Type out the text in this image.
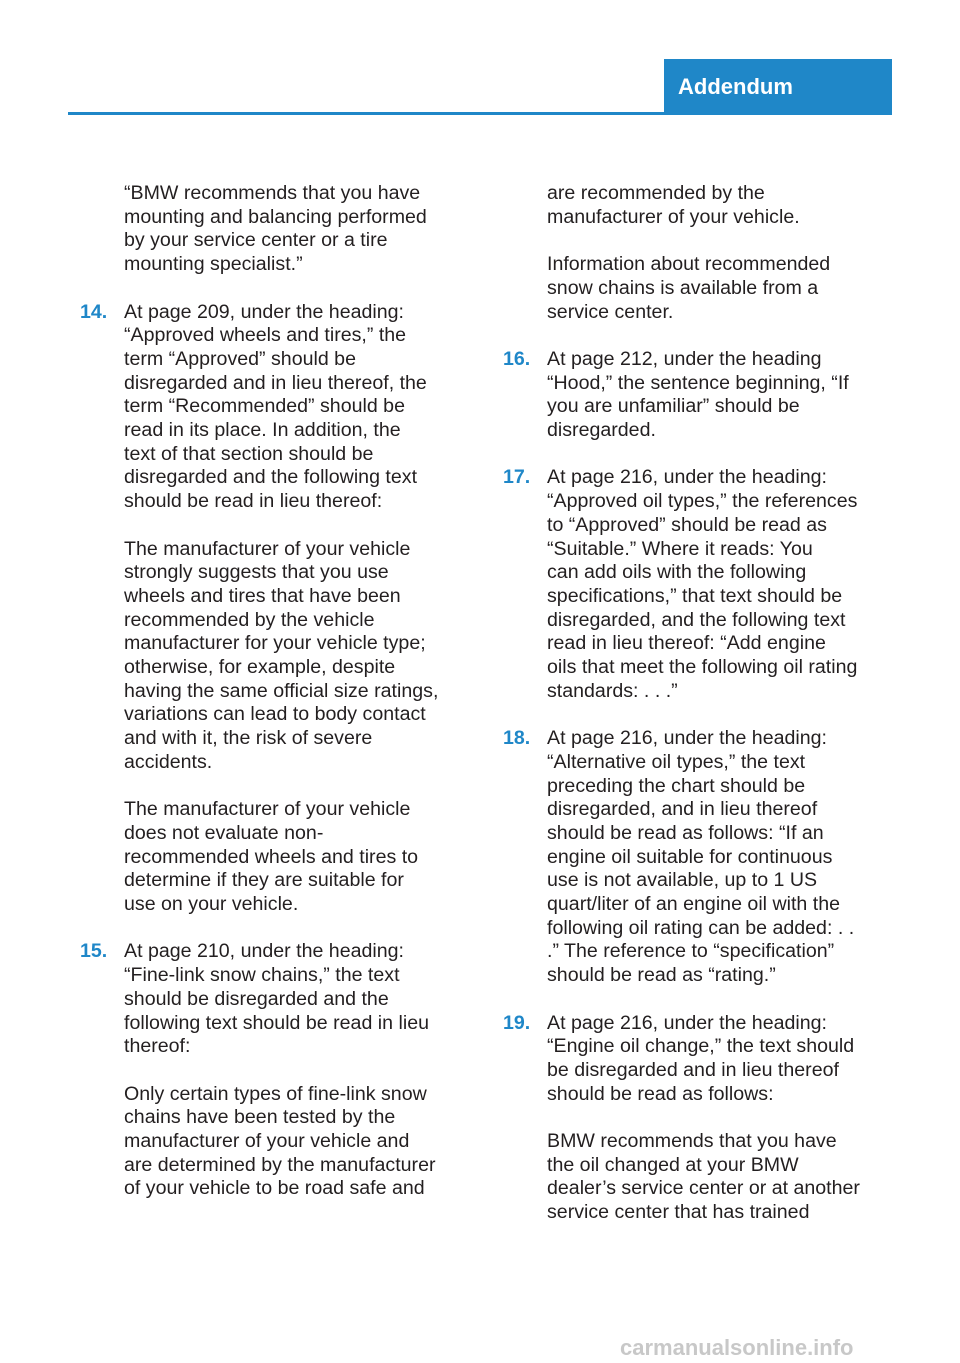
Addendum
“BMW recommends that you have
mounting and balancing performed
by your service center or a tire
mounting specialist.”
14. At page 209, under the heading:
“Approved wheels and tires,” the
term “Approved” should be
disregarded and in lieu thereof, the
term “Recommended” should be
read in its place. In addition, the
text of that section should be
disregarded and the following text
should be read in lieu thereof:
The manufacturer of your vehicle
strongly suggests that you use
wheels and tires that have been
recommended by the vehicle
manufacturer for your vehicle type;
otherwise, for example, despite
having the same official size ratings,
variations can lead to body contact
and with it, the risk of severe
accidents.
The manufacturer of your vehicle
does not evaluate non-
recommended wheels and tires to
determine if they are suitable for
use on your vehicle.
15. At page 210, under the heading:
“Fine-link snow chains,” the text
should be disregarded and the
following text should be read in lieu
thereof:
Only certain types of fine-link snow
chains have been tested by the
manufacturer of your vehicle and
are determined by the manufacturer
of your vehicle to be road safe and
are recommended by the
manufacturer of your vehicle.
Information about recommended
snow chains is available from a
service center.
16. At page 212, under the heading
“Hood,” the sentence beginning, “If
you are unfamiliar” should be
disregarded.
17. At page 216, under the heading:
“Approved oil types,” the references
to “Approved” should be read as
“Suitable.” Where it reads: You
can add oils with the following
specifications,” that text should be
disregarded, and the following text
read in lieu thereof: “Add engine
oils that meet the following oil rating
standards: . . .”
18. At page 216, under the heading:
“Alternative oil types,” the text
preceding the chart should be
disregarded, and in lieu thereof
should be read as follows: “If an
engine oil suitable for continuous
use is not available, up to 1 US
quart/liter of an engine oil with the
following oil rating can be added: . .
.” The reference to “specification”
should be read as “rating.”
19. At page 216, under the heading:
“Engine oil change,” the text should
be disregarded and in lieu thereof
should be read as follows:
BMW recommends that you have
the oil changed at your BMW
dealer’s service center or at another
service center that has trained
carmanualsonline.info
